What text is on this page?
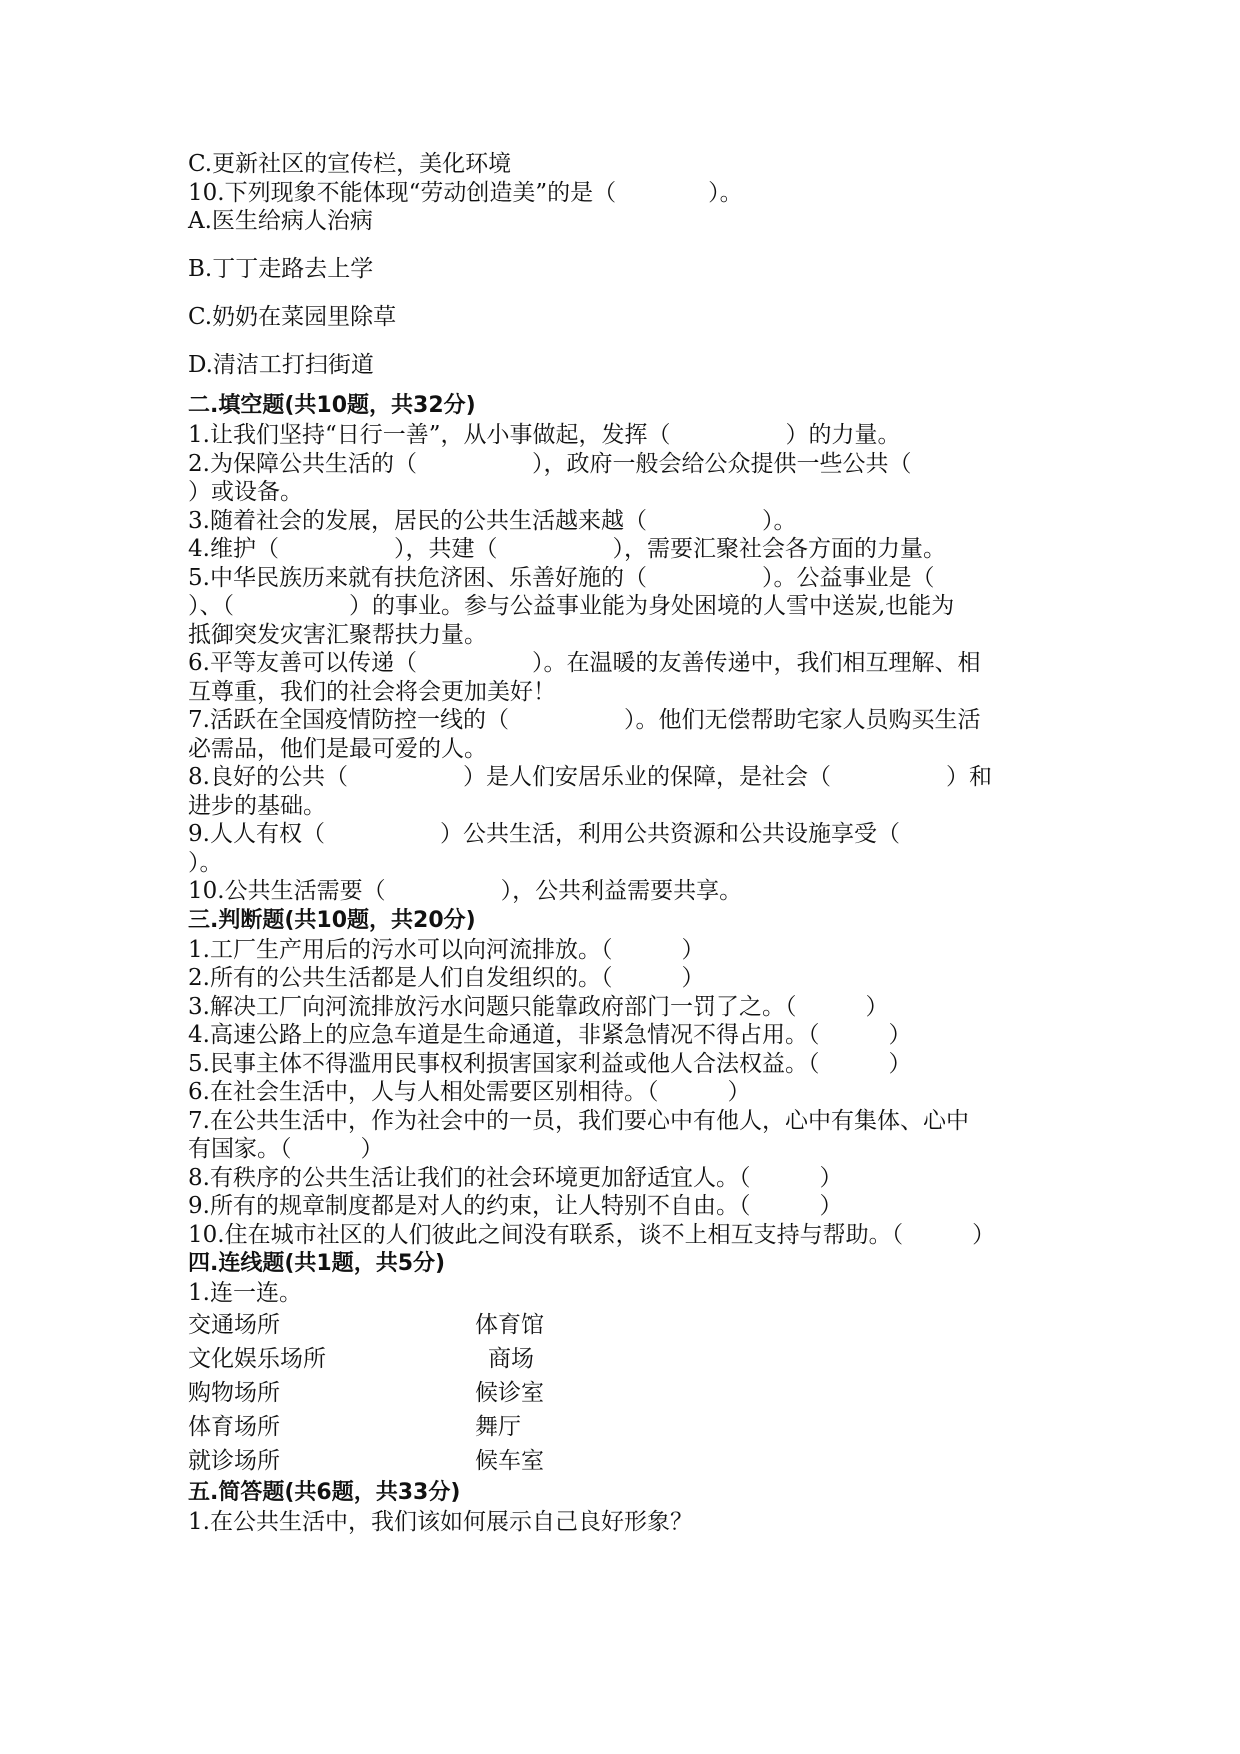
C.更新社区的宣传栏，美化环境
10.下列现象不能体现“劳动创造美”的是（　　　　）。
A.医生给病人治病
B.丁丁走路去上学
C.奶奶在菜园里除草
D.清洁工打扫街道
二.填空题(共10题，共32分)
1.让我们坚持“日行一善”，从小事做起，发挥（　　　　　）的力量。
2.为保障公共生活的（　　　　　），政府一般会给公众提供一些公共（
）或设备。
3.随着社会的发展，居民的公共生活越来越（　　　　　）。
4.维护（　　　　　），共建（　　　　　），需要汇聚社会各方面的力量。
5.中华民族历来就有扶危济困、乐善好施的（　　　　　）。公益事业是（
）、（　　　　　）的事业。参与公益事业能为身处困境的人雪中送炭,也能为
抵御突发灾害汇聚帮扶力量。
6.平等友善可以传递（　　　　　）。在温暖的友善传递中，我们相互理解、相
互尊重，我们的社会将会更加美好！
7.活跃在全国疫情防控一线的（　　　　　）。他们无偿帮助宅家人员购买生活
必需品，他们是最可爱的人。
8.良好的公共（　　　　　）是人们安居乐业的保障，是社会（　　　　　）和
进步的基础。
9.人人有权（　　　　　）公共生活，利用公共资源和公共设施享受（
）。
10.公共生活需要（　　　　　），公共利益需要共享。
三.判断题(共10题，共20分)
1.工厂生产用后的污水可以向河流排放。（　　　）
2.所有的公共生活都是人们自发组织的。（　　　）
3.解决工厂向河流排放污水问题只能靠政府部门一罚了之。（　　　）
4.高速公路上的应急车道是生命通道，非紧急情况不得占用。（　　　）
5.民事主体不得滥用民事权利损害国家利益或他人合法权益。（　　　）
6.在社会生活中，人与人相处需要区别相待。（　　　）
7.在公共生活中，作为社会中的一员，我们要心中有他人，心中有集体、心中
有国家。（　　　）
8.有秩序的公共生活让我们的社会环境更加舒适宜人。（　　　）
9.所有的规章制度都是对人的约束，让人特别不自由。（　　　）
10.住在城市社区的人们彼此之间没有联系，谈不上相互支持与帮助。（　　　）
四.连线题(共1题，共5分)
1.连一连。
交通场所	体育馆
文化娱乐场所	商场
购物场所	候诊室
体育场所	舞厅
就诊场所	候车室
五.简答题(共6题，共33分)
1.在公共生活中，我们该如何展示自己良好形象？
